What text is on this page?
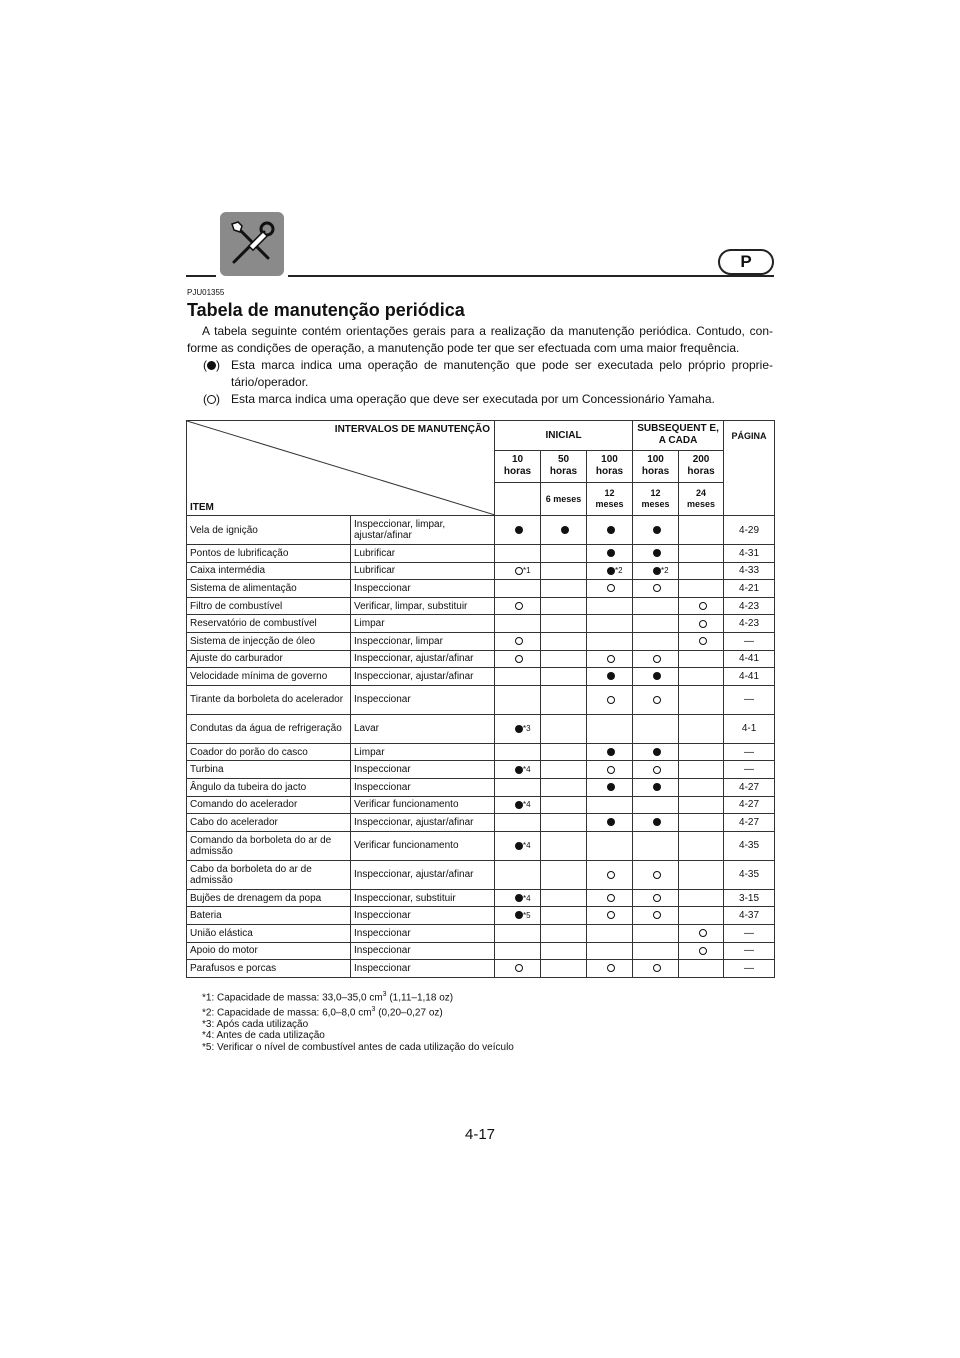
P
PJU01355
Tabela de manutenção periódica
A tabela seguinte contém orientações gerais para a realização da manutenção periódica. Contudo, con-forme as condições de operação, a manutenção pode ter que ser efectuada com uma maior frequência.
( ) Esta marca indica uma operação de manutenção que pode ser executada pelo próprio proprie-tário/operador.
( ) Esta marca indica uma operação que deve ser executada por um Concessionário Yamaha.
INTERVALOS DE MANUTENÇÃO
ITEM		INICIAL			SUBSEQUENT E, A CADA		PÁGINA
		10 horas	50 horas	100 horas	100 horas	200 horas	
			6 meses	12 meses	12 meses	24 meses	
Vela de ignição	Inspeccionar, limpar, ajustar/afinar						4-29
Pontos de lubrificação	Lubrificar						4-31
Caixa intermédia	Lubrificar	*1		*2	*2		4-33
Sistema de alimentação	Inspeccionar						4-21
Filtro de combustível	Verificar, limpar, substituir						4-23
Reservatório de combustível	Limpar						4-23
Sistema de injecção de óleo	Inspeccionar, limpar						—
Ajuste do carburador	Inspeccionar, ajustar/afinar						4-41
Velocidade mínima de governo	Inspeccionar, ajustar/afinar						4-41
Tirante da borboleta do acelerador	Inspeccionar						—
Condutas da água de refrigeração	Lavar	*3					4-1
Coador do porão do casco	Limpar						—
Turbina	Inspeccionar	*4					—
Ângulo da tubeira do jacto	Inspeccionar						4-27
Comando do acelerador	Verificar funcionamento	*4					4-27
Cabo do acelerador	Inspeccionar, ajustar/afinar						4-27
Comando da borboleta do ar de admissão	Verificar funcionamento	*4					4-35
Cabo da borboleta do ar de admissão	Inspeccionar, ajustar/afinar						4-35
Bujões de drenagem da popa	Inspeccionar, substituir	*4					3-15
Bateria	Inspeccionar	*5					4-37
União elástica	Inspeccionar						—
Apoio do motor	Inspeccionar						—
Parafusos e porcas	Inspeccionar						—
*1: Capacidade de massa: 33,0–35,0 $cm^3$ (1,11–1,18 oz)
*2: Capacidade de massa: 6,0–8,0 $cm^3$ (0,20–0,27 oz)
*3: Após cada utilização
*4: Antes de cada utilização
*5: Verificar o nível de combustível antes de cada utilização do veículo
4-17
